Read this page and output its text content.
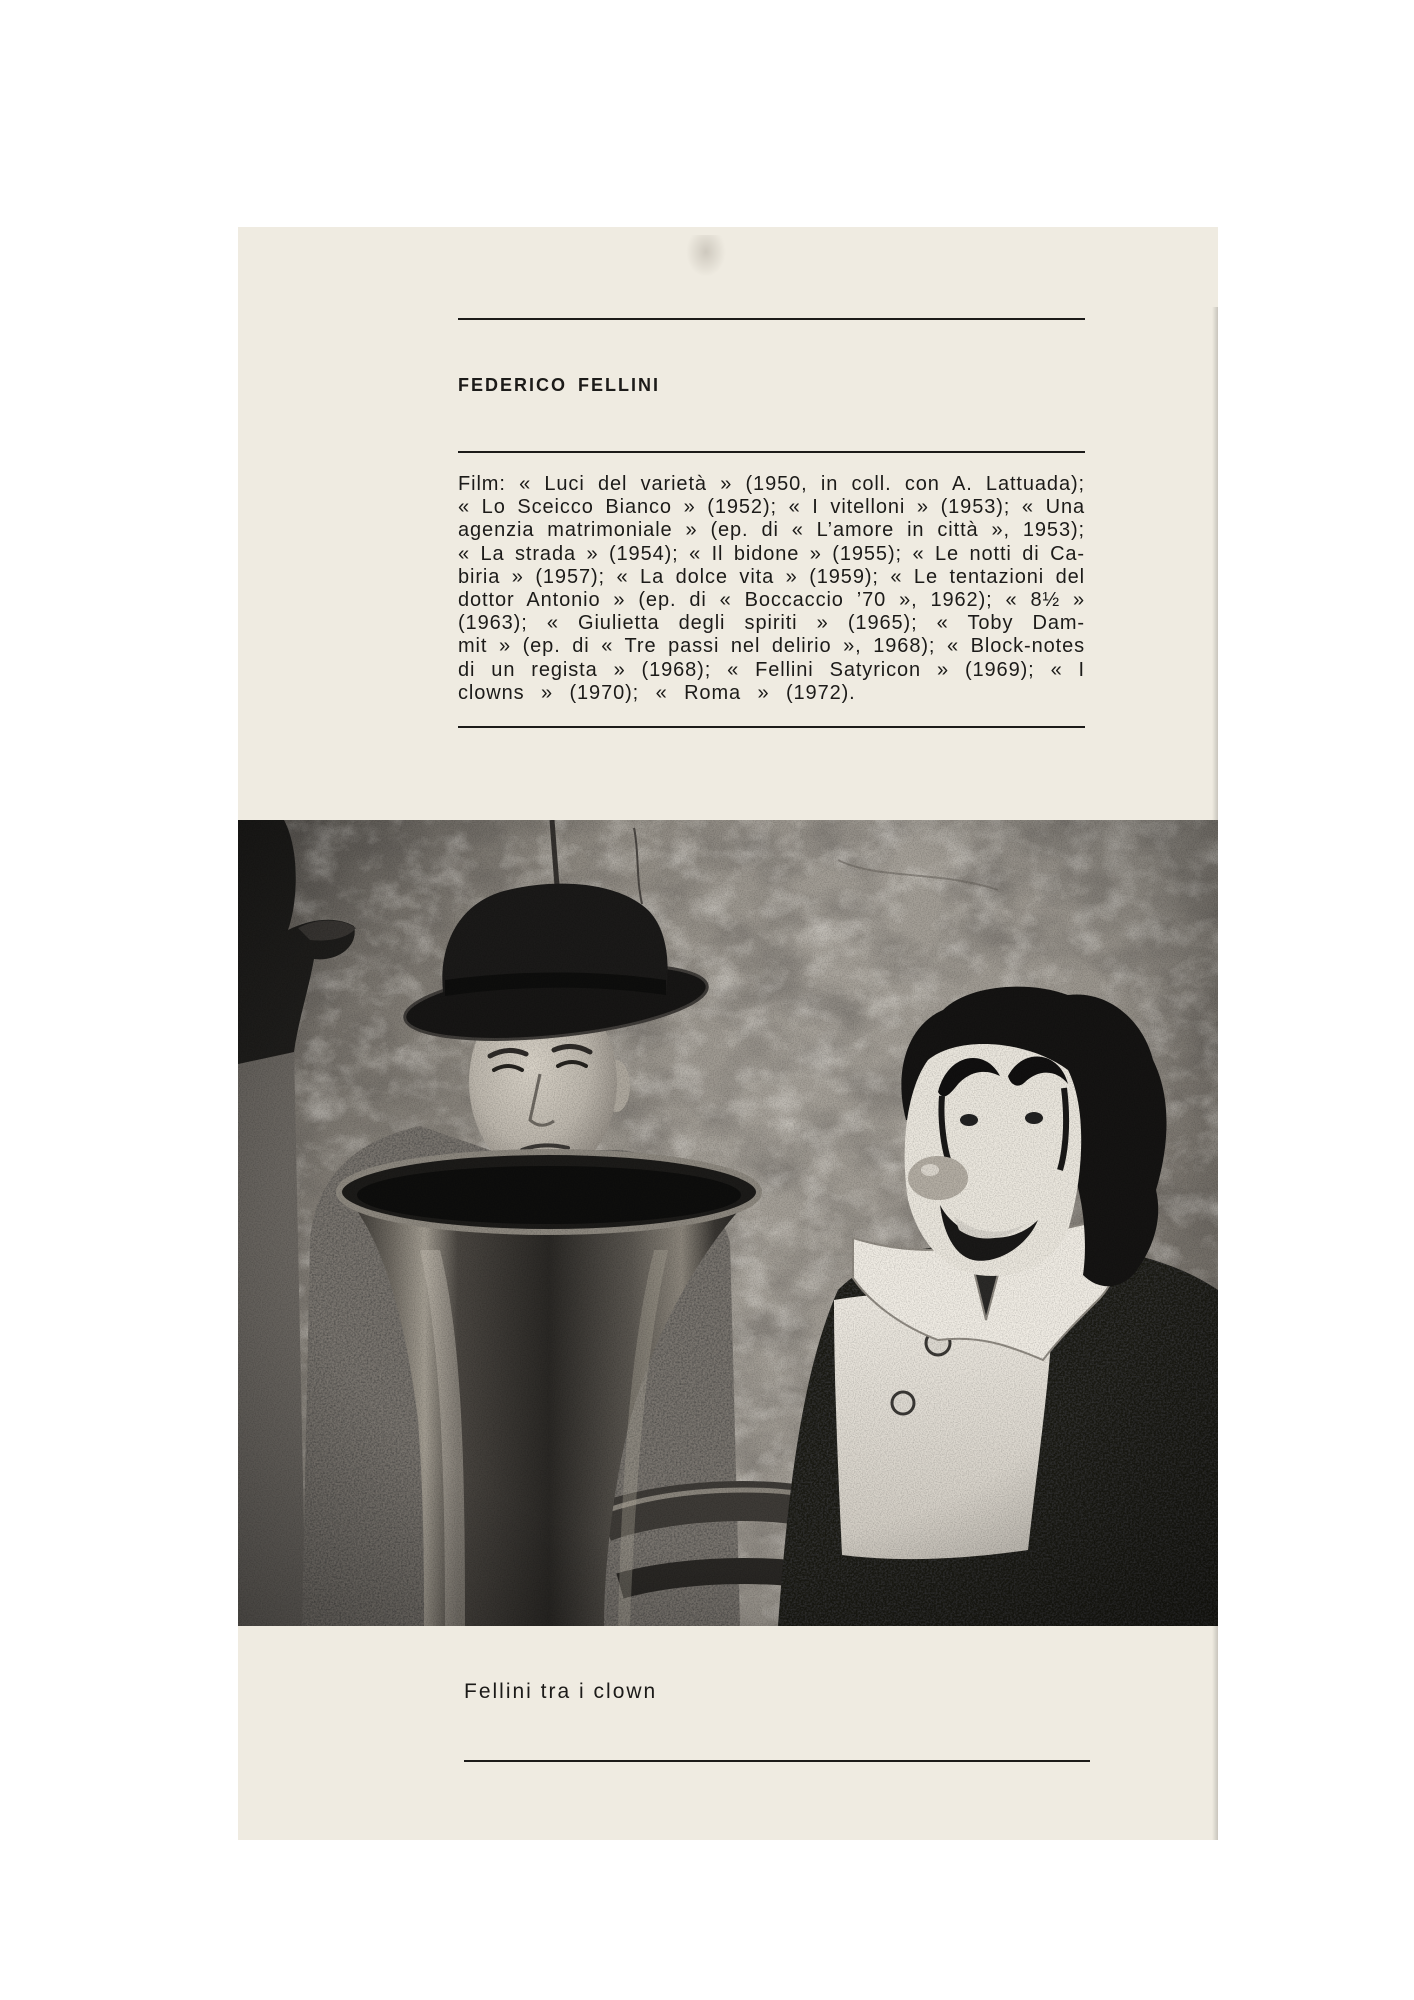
FEDERICO FELLINI
Film: « Luci del varietà » (1950, in coll. con A. Lattuada);
« Lo Sceicco Bianco » (1952); « I vitelloni » (1953); « Una
agenzia matrimoniale » (ep. di « L’amore in città », 1953);
« La strada » (1954); « Il bidone » (1955); « Le notti di Ca-
biria » (1957); « La dolce vita » (1959); « Le tentazioni del
dottor Antonio » (ep. di « Boccaccio ’70 », 1962); « 8½ »
(1963); « Giulietta degli spiriti » (1965); « Toby Dam-
mit » (ep. di « Tre passi nel delirio », 1968); « Block-notes
di un regista » (1968); « Fellini Satyricon » (1969); « I
clowns » (1970); « Roma » (1972).
Fellini tra i clown
